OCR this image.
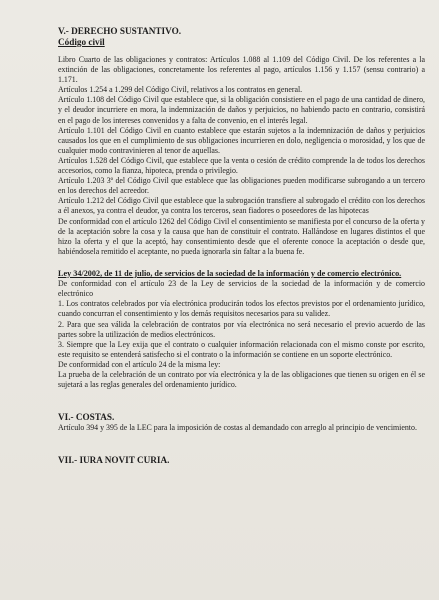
V.- DERECHO SUSTANTIVO.

Código civil

Libro Cuarto de las obligaciones y contratos: Artículos 1.088 al 1.109 del Código Civil. De los referentes a la extinción de las obligaciones, concretamente los referentes al pago, artículos 1.156 y 1.157 (sensu contrario) a 1.171.

Artículos 1.254 a 1.299 del Código Civil, relativos a los contratos en general.

Artículo 1.108 del Código Civil que establece que, si la obligación consistiere en el pago de una cantidad de dinero, y el deudor incurriere en mora, la indemnización de daños y perjuicios, no habiendo pacto en contrario, consistirá en el pago de los intereses convenidos y a falta de convenio, en el interés legal.

Artículo 1.101 del Código Civil en cuanto establece que estarán sujetos a la indemnización de daños y perjuicios causados los que en el cumplimiento de sus obligaciones incurrieren en dolo, negligencia o morosidad, y los que de cualquier modo contravinieren al tenor de aquellas.

Artículos 1.528 del Código Civil, que establece que la venta o cesión de crédito comprende la de todos los derechos accesorios, como la fianza, hipoteca, prenda o privilegio.

Artículo 1.203 3º del Código Civil que establece que las obligaciones pueden modificarse subrogando a un tercero en los derechos del acreedor.

Artículo 1.212 del Código Civil que establece que la subrogación transfiere al subrogado el crédito con los derechos a él anexos, ya contra el deudor, ya contra los terceros, sean fiadores o poseedores de las hipotecas

De conformidad con el artículo 1262 del Código Civil el consentimiento se manifiesta por el concurso de la oferta y de la aceptación sobre la cosa y la causa que han de constituir el contrato. Hallándose en lugares distintos el que hizo la oferta y el que la aceptó, hay consentimiento desde que el oferente conoce la aceptación o desde que, habiéndosela remitido el aceptante, no pueda ignorarla sin faltar a la buena fe.

Ley 34/2002, de 11 de julio, de servicios de la sociedad de la información y de comercio electrónico.

De conformidad con el artículo 23 de la Ley de servicios de la sociedad de la información y de comercio electrónico

1. Los contratos celebrados por vía electrónica producirán todos los efectos previstos por el ordenamiento jurídico, cuando concurran el consentimiento y los demás requisitos necesarios para su validez.

2. Para que sea válida la celebración de contratos por vía electrónica no será necesario el previo acuerdo de las partes sobre la utilización de medios electrónicos.

3. Siempre que la Ley exija que el contrato o cualquier información relacionada con el mismo conste por escrito, este requisito se entenderá satisfecho si el contrato o la información se contiene en un soporte electrónico.

De conformidad con el artículo 24 de la misma ley:

La prueba de la celebración de un contrato por vía electrónica y la de las obligaciones que tienen su origen en él se sujetará a las reglas generales del ordenamiento jurídico.

VI.- COSTAS.

Artículo 394 y 395 de la LEC para la imposición de costas al demandado con arreglo al principio de vencimiento.

VII.- IURA NOVIT CURIA.
